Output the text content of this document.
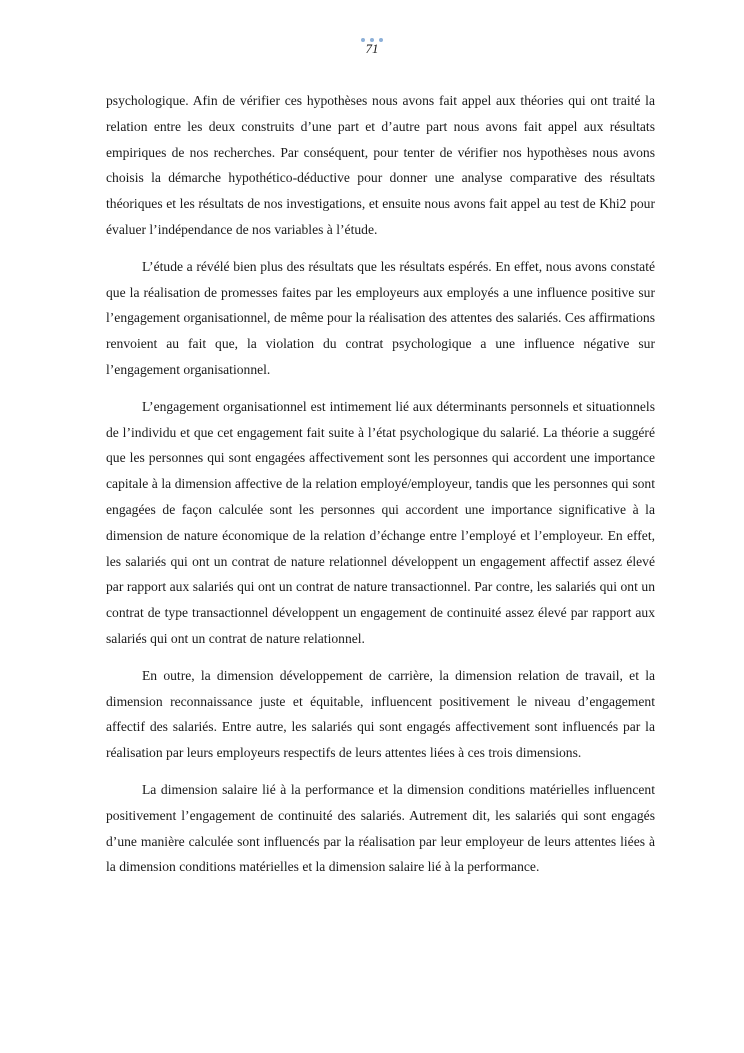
71

psychologique. Afin de vérifier ces hypothèses nous avons fait appel aux théories qui ont traité la relation entre les deux construits d’une part et d’autre part nous avons fait appel aux résultats empiriques de nos recherches. Par conséquent, pour tenter de vérifier nos hypothèses nous avons choisis la démarche hypothético-déductive pour donner une analyse comparative des résultats théoriques et les résultats de nos investigations, et ensuite nous avons fait appel au test de Khi2 pour évaluer l’indépendance de nos variables à l’étude.

L’étude a révélé bien plus des résultats que les résultats espérés. En effet, nous avons constaté que la réalisation de promesses faites par les employeurs aux employés a une influence positive sur l’engagement organisationnel, de même pour la réalisation des attentes des salariés. Ces affirmations renvoient au fait que, la violation du contrat psychologique a une influence négative sur l’engagement organisationnel.

L’engagement organisationnel est intimement lié aux déterminants personnels et situationnels de l’individu et que cet engagement fait suite à l’état psychologique du salarié. La théorie a suggéré que les personnes qui sont engagées affectivement sont les personnes qui accordent une importance capitale à la dimension affective de la relation employé/employeur, tandis que les personnes qui sont engagées de façon calculée sont les personnes qui accordent une importance significative à la dimension de nature économique de la relation d’échange entre l’employé et l’employeur. En effet, les salariés qui ont un contrat de nature relationnel développent un engagement affectif assez élevé par rapport aux salariés qui ont un contrat de nature transactionnel. Par contre, les salariés qui ont un contrat de type transactionnel développent un engagement de continuité assez élevé par rapport aux salariés qui ont un contrat de nature relationnel.

En outre, la dimension développement de carrière, la dimension relation de travail, et la dimension reconnaissance juste et équitable, influencent positivement le niveau d’engagement affectif des salariés. Entre autre, les salariés qui sont engagés affectivement sont influencés par la réalisation par leurs employeurs respectifs de leurs attentes liées à ces trois dimensions.

La dimension salaire lié à la performance et la dimension conditions matérielles influencent positivement l’engagement de continuité des salariés. Autrement dit, les salariés qui sont engagés d’une manière calculée sont influencés par la réalisation par leur employeur de leurs attentes liées à la dimension conditions matérielles et la dimension salaire lié à la performance.
